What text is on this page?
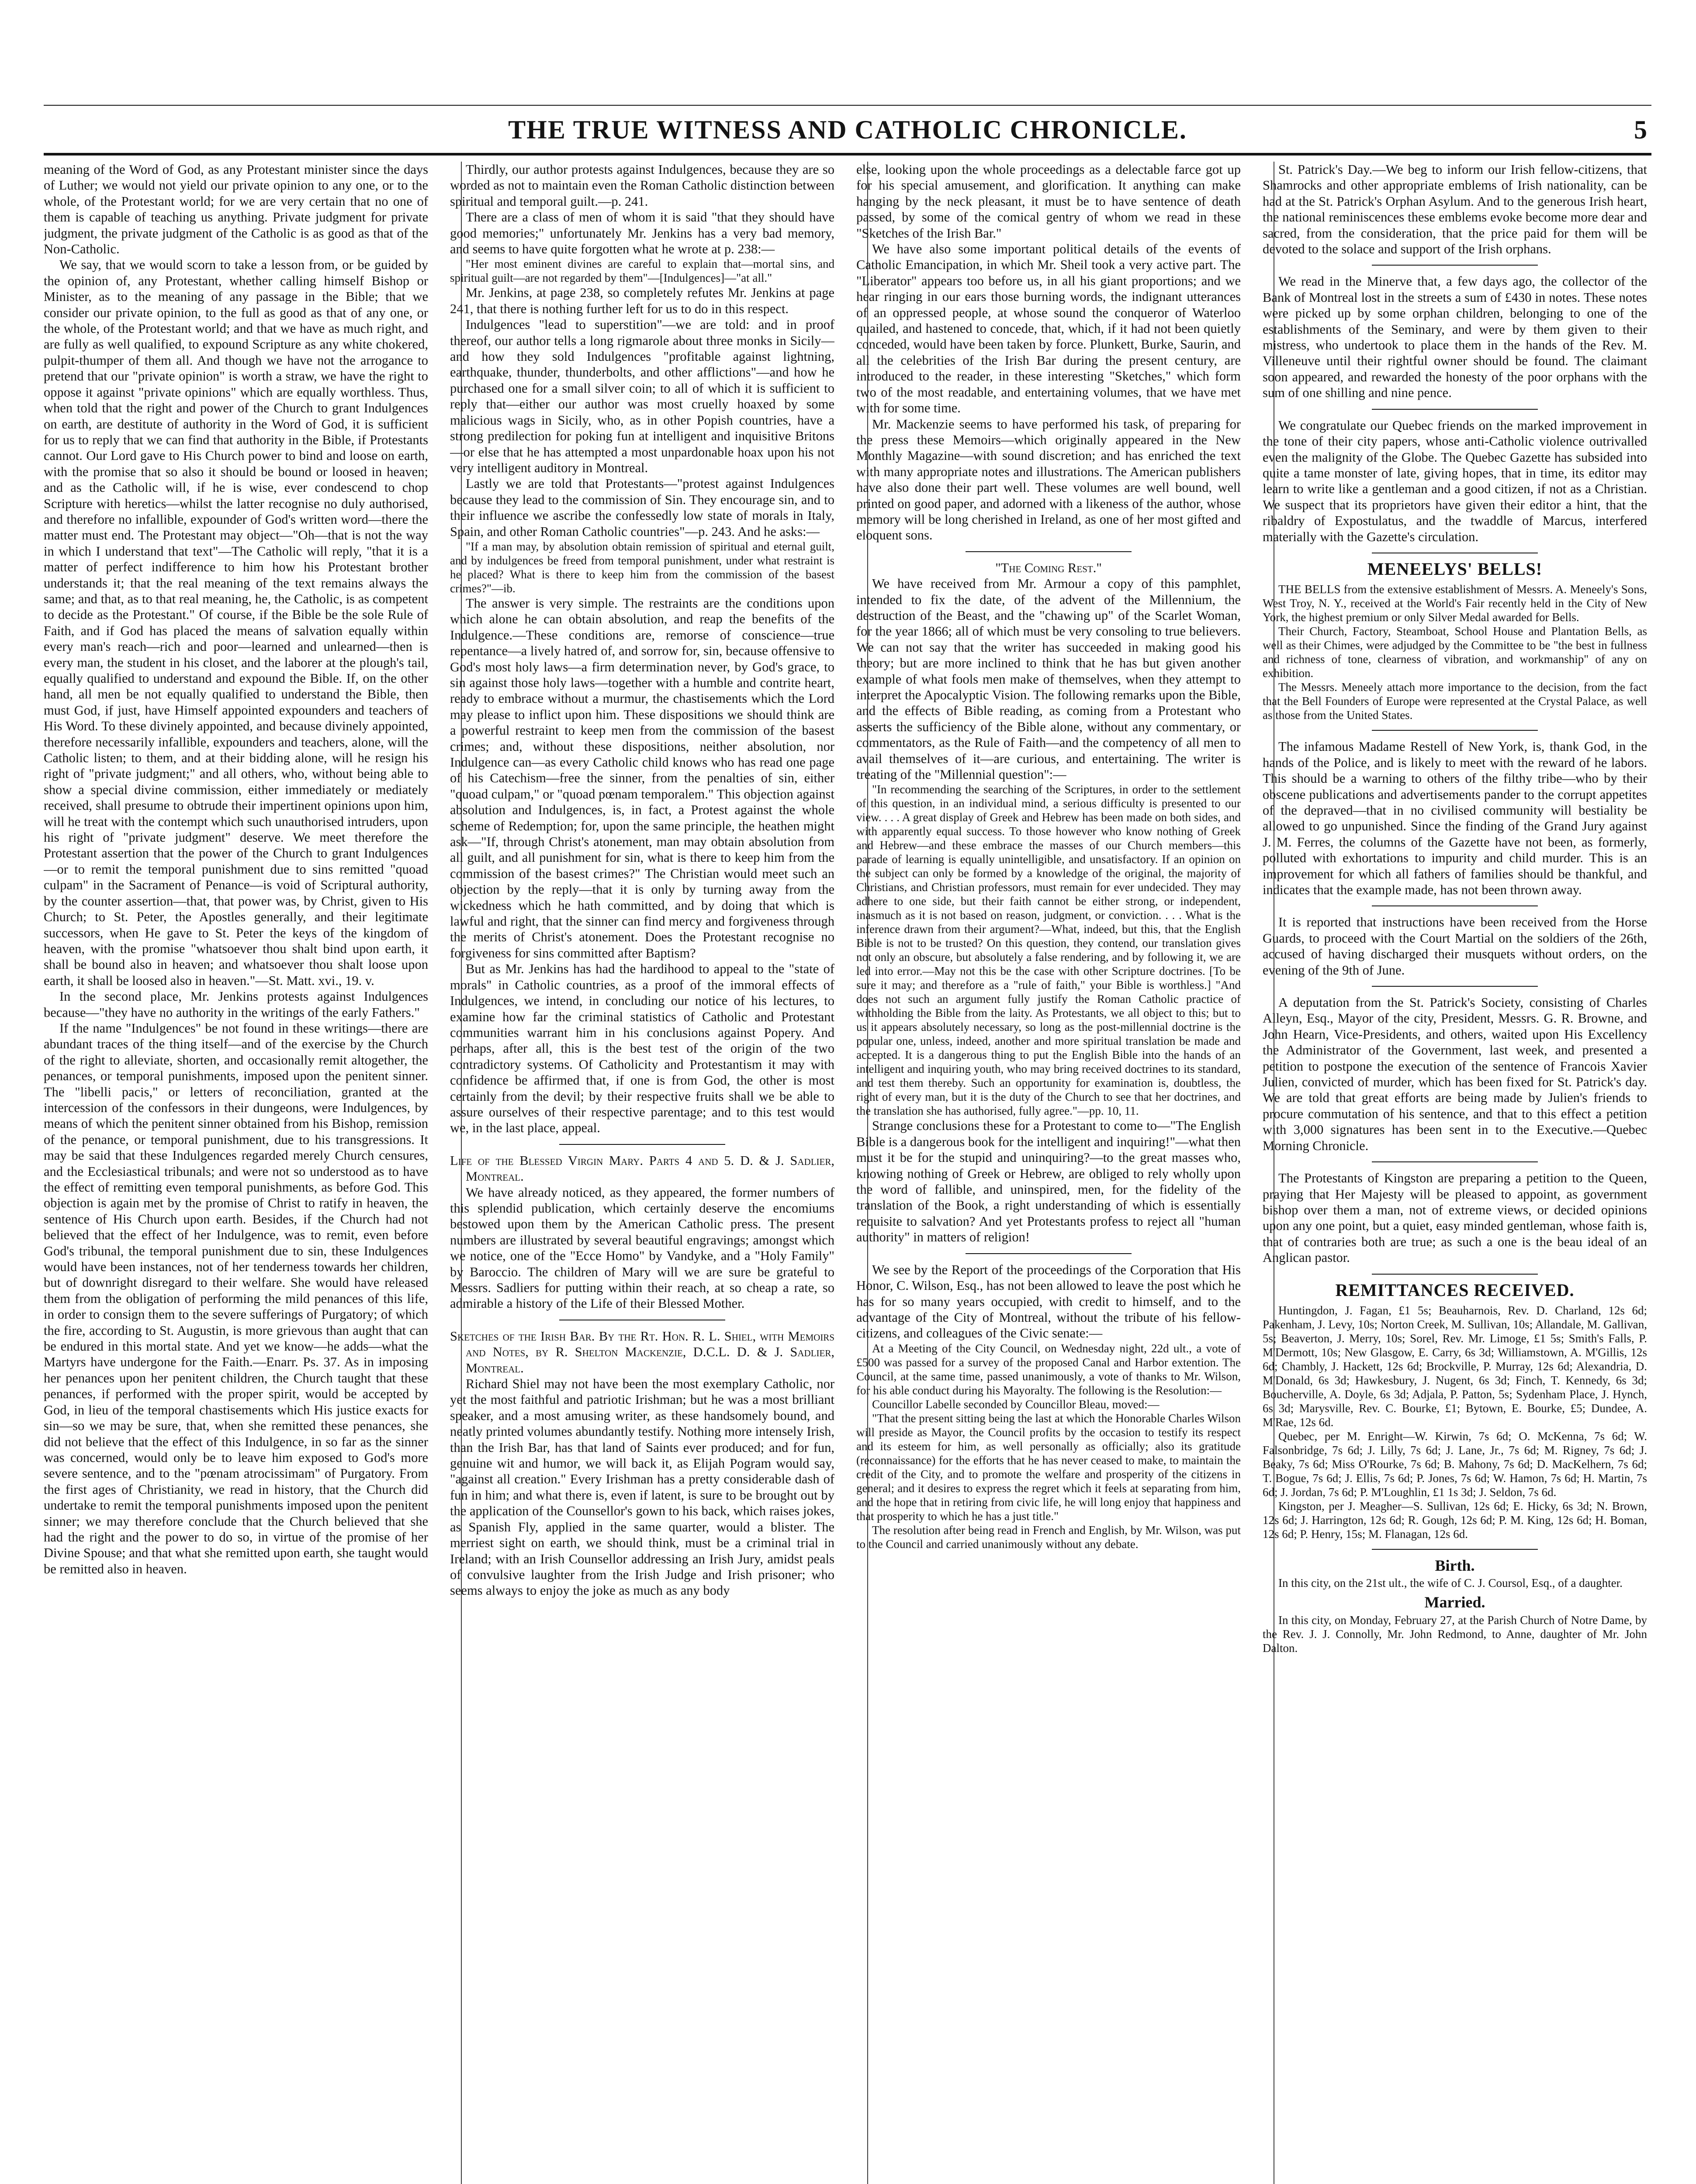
THE TRUE WITNESS AND CATHOLIC CHRONICLE.	5

meaning of the Word of God, as any Protestant minister since the days of Luther; we would not yield our private opinion to any one, or to the whole, of the Protestant world; for we are very certain that no one of them is capable of teaching us anything. Private judgment for private judgment, the private judgment of the Catholic is as good as that of the Non-Catholic.

We say, that we would scorn to take a lesson from, or be guided by the opinion of, any Protestant, whether calling himself Bishop or Minister, as to the meaning of any passage in the Bible; that we consider our private opinion, to the full as good as that of any one, or the whole, of the Protestant world; and that we have as much right, and are fully as well qualified, to expound Scripture as any white chokered, pulpit-thumper of them all. And though we have not the arrogance to pretend that our "private opinion" is worth a straw, we have the right to oppose it against "private opinions" which are equally worthless. Thus, when told that the right and power of the Church to grant Indulgences on earth, are destitute of authority in the Word of God, it is sufficient for us to reply that we can find that authority in the Bible, if Protestants cannot. Our Lord gave to His Church power to bind and loose on earth, with the promise that so also it should be bound or loosed in heaven; and as the Catholic will, if he is wise, ever condescend to chop Scripture with heretics—whilst the latter recognise no duly authorised, and therefore no infallible, expounder of God's written word—there the matter must end. The Protestant may object—"Oh—that is not the way in which I understand that text"—The Catholic will reply, "that it is a matter of perfect indifference to him how his Protestant brother understands it; that the real meaning of the text remains always the same; and that, as to that real meaning, he, the Catholic, is as competent to decide as the Protestant." Of course, if the Bible be the sole Rule of Faith, and if God has placed the means of salvation equally within every man's reach—rich and poor—learned and unlearned—then is every man, the student in his closet, and the laborer at the plough's tail, equally qualified to understand and expound the Bible. If, on the other hand, all men be not equally qualified to understand the Bible, then must God, if just, have Himself appointed expounders and teachers of His Word. To these divinely appointed, and because divinely appointed, therefore necessarily infallible, expounders and teachers, alone, will the Catholic listen; to them, and at their bidding alone, will he resign his right of "private judgment;" and all others, who, without being able to show a special divine commission, either immediately or mediately received, shall presume to obtrude their impertinent opinions upon him, will he treat with the contempt which such unauthorised intruders, upon his right of "private judgment" deserve. We meet therefore the Protestant assertion that the power of the Church to grant Indulgences—or to remit the temporal punishment due to sins remitted "quoad culpam" in the Sacrament of Penance—is void of Scriptural authority, by the counter assertion—that, that power was, by Christ, given to His Church; to St. Peter, the Apostles generally, and their legitimate successors, when He gave to St. Peter the keys of the kingdom of heaven, with the promise "whatsoever thou shalt bind upon earth, it shall be bound also in heaven; and whatsoever thou shalt loose upon earth, it shall be loosed also in heaven."—St. Matt. xvi., 19. v.

In the second place, Mr. Jenkins protests against Indulgences because—"they have no authority in the writings of the early Fathers."

If the name "Indulgences" be not found in these writings—there are abundant traces of the thing itself—and of the exercise by the Church of the right to alleviate, shorten, and occasionally remit altogether, the penances, or temporal punishments, imposed upon the penitent sinner. The "libelli pacis," or letters of reconciliation, granted at the intercession of the confessors in their dungeons, were Indulgences, by means of which the penitent sinner obtained from his Bishop, remission of the penance, or temporal punishment, due to his transgressions. It may be said that these Indulgences regarded merely Church censures, and the Ecclesiastical tribunals; and were not so understood as to have the effect of remitting even temporal punishments, as before God. This objection is again met by the promise of Christ to ratify in heaven, the sentence of His Church upon earth. Besides, if the Church had not believed that the effect of her Indulgence, was to remit, even before God's tribunal, the temporal punishment due to sin, these Indulgences would have been instances, not of her tenderness towards her children, but of downright disregard to their welfare. She would have released them from the obligation of performing the mild penances of this life, in order to consign them to the severe sufferings of Purgatory; of which the fire, according to St. Augustin, is more grievous than aught that can be endured in this mortal state. And yet we know—he adds—what the Martyrs have undergone for the Faith.—Enarr. Ps. 37. As in imposing her penances upon her penitent children, the Church taught that these penances, if performed with the proper spirit, would be accepted by God, in lieu of the temporal chastisements which His justice exacts for sin—so we may be sure, that, when she remitted these penances, she did not believe that the effect of this Indulgence, in so far as the sinner was concerned, would only be to leave him exposed to God's more severe sentence, and to the "pœnam atrocissimam" of Purgatory. From the first ages of Christianity, we read in history, that the Church did undertake to remit the temporal punishments imposed upon the penitent sinner; we may therefore conclude that the Church believed that she had the right and the power to do so, in virtue of the promise of her Divine Spouse; and that what she remitted upon earth, she taught would be remitted also in heaven.

Thirdly, our author protests against Indulgences, because they are so worded as not to maintain even the Roman Catholic distinction between spiritual and temporal guilt.—p. 241.

There are a class of men of whom it is said "that they should have good memories;" unfortunately Mr. Jenkins has a very bad memory, and seems to have quite forgotten what he wrote at p. 238:—

"Her most eminent divines are careful to explain that—mortal sins, and spiritual guilt—are not regarded by them"—[Indulgences]—"at all."

Mr. Jenkins, at page 238, so completely refutes Mr. Jenkins at page 241, that there is nothing further left for us to do in this respect.

Indulgences "lead to superstition"—we are told: and in proof thereof, our author tells a long rigmarole about three monks in Sicily—and how they sold Indulgences "profitable against lightning, earthquake, thunder, thunderbolts, and other afflictions"—and how he purchased one for a small silver coin; to all of which it is sufficient to reply that—either our author was most cruelly hoaxed by some malicious wags in Sicily, who, as in other Popish countries, have a strong predilection for poking fun at intelligent and inquisitive Britons—or else that he has attempted a most unpardonable hoax upon his not very intelligent auditory in Montreal.

Lastly we are told that Protestants—"protest against Indulgences because they lead to the commission of Sin. They encourage sin, and to their influence we ascribe the confessedly low state of morals in Italy, Spain, and other Roman Catholic countries"—p. 243. And he asks:—

"If a man may, by absolution obtain remission of spiritual and eternal guilt, and by indulgences be freed from temporal punishment, under what restraint is he placed? What is there to keep him from the commission of the basest crimes?"—ib.

The answer is very simple. The restraints are the conditions upon which alone he can obtain absolution, and reap the benefits of the Indulgence.—These conditions are, remorse of conscience—true repentance—a lively hatred of, and sorrow for, sin, because offensive to God's most holy laws—a firm determination never, by God's grace, to sin against those holy laws—together with a humble and contrite heart, ready to embrace without a murmur, the chastisements which the Lord may please to inflict upon him. These dispositions we should think are a powerful restraint to keep men from the commission of the basest crimes; and, without these dispositions, neither absolution, nor Indulgence can—as every Catholic child knows who has read one page of his Catechism—free the sinner, from the penalties of sin, either "quoad culpam," or "quoad pœnam temporalem." This objection against absolution and Indulgences, is, in fact, a Protest against the whole scheme of Redemption; for, upon the same principle, the heathen might ask—"If, through Christ's atonement, man may obtain absolution from all guilt, and all punishment for sin, what is there to keep him from the commission of the basest crimes?" The Christian would meet such an objection by the reply—that it is only by turning away from the wickedness which he hath committed, and by doing that which is lawful and right, that the sinner can find mercy and forgiveness through the merits of Christ's atonement. Does the Protestant recognise no forgiveness for sins committed after Baptism?

But as Mr. Jenkins has had the hardihood to appeal to the "state of morals" in Catholic countries, as a proof of the immoral effects of Indulgences, we intend, in concluding our notice of his lectures, to examine how far the criminal statistics of Catholic and Protestant communities warrant him in his conclusions against Popery. And perhaps, after all, this is the best test of the origin of the two contradictory systems. Of Catholicity and Protestantism it may with confidence be affirmed that, if one is from God, the other is most certainly from the devil; by their respective fruits shall we be able to assure ourselves of their respective parentage; and to this test would we, in the last place, appeal.

Life of the Blessed Virgin Mary. Parts 4 and 5. D. & J. Sadlier, Montreal.

We have already noticed, as they appeared, the former numbers of this splendid publication, which certainly deserve the encomiums bestowed upon them by the American Catholic press. The present numbers are illustrated by several beautiful engravings; amongst which we notice, one of the "Ecce Homo" by Vandyke, and a "Holy Family" by Baroccio. The children of Mary will we are sure be grateful to Messrs. Sadliers for putting within their reach, at so cheap a rate, so admirable a history of the Life of their Blessed Mother.

Sketches of the Irish Bar. By the Rt. Hon. R. L. Shiel, with Memoirs and Notes, by R. Shelton Mackenzie, D.C.L. D. & J. Sadlier, Montreal.

Richard Shiel may not have been the most exemplary Catholic, nor yet the most faithful and patriotic Irishman; but he was a most brilliant speaker, and a most amusing writer, as these handsomely bound, and neatly printed volumes abundantly testify. Nothing more intensely Irish, than the Irish Bar, has that land of Saints ever produced; and for fun, genuine wit and humor, we will back it, as Elijah Pogram would say, "against all creation." Every Irishman has a pretty considerable dash of fun in him; and what there is, even if latent, is sure to be brought out by the application of the Counsellor's gown to his back, which raises jokes, as Spanish Fly, applied in the same quarter, would a blister. The merriest sight on earth, we should think, must be a criminal trial in Ireland; with an Irish Counsellor addressing an Irish Jury, amidst peals of convulsive laughter from the Irish Judge and Irish prisoner; who seems always to enjoy the joke as much as any body

else, looking upon the whole proceedings as a delectable farce got up for his special amusement, and glorification. It anything can make hanging by the neck pleasant, it must be to have sentence of death passed, by some of the comical gentry of whom we read in these "Sketches of the Irish Bar."

We have also some important political details of the events of Catholic Emancipation, in which Mr. Sheil took a very active part. The "Liberator" appears too before us, in all his giant proportions; and we hear ringing in our ears those burning words, the indignant utterances of an oppressed people, at whose sound the conqueror of Waterloo quailed, and hastened to concede, that, which, if it had not been quietly conceded, would have been taken by force. Plunkett, Burke, Saurin, and all the celebrities of the Irish Bar during the present century, are introduced to the reader, in these interesting "Sketches," which form two of the most readable, and entertaining volumes, that we have met with for some time.

Mr. Mackenzie seems to have performed his task, of preparing for the press these Memoirs—which originally appeared in the New Monthly Magazine—with sound discretion; and has enriched the text with many appropriate notes and illustrations. The American publishers have also done their part well. These volumes are well bound, well printed on good paper, and adorned with a likeness of the author, whose memory will be long cherished in Ireland, as one of her most gifted and eloquent sons.

"The Coming Rest."

We have received from Mr. Armour a copy of this pamphlet, intended to fix the date, of the advent of the Millennium, the destruction of the Beast, and the "chawing up" of the Scarlet Woman, for the year 1866; all of which must be very consoling to true believers. We can not say that the writer has succeeded in making good his theory; but are more inclined to think that he has but given another example of what fools men make of themselves, when they attempt to interpret the Apocalyptic Vision. The following remarks upon the Bible, and the effects of Bible reading, as coming from a Protestant who asserts the sufficiency of the Bible alone, without any commentary, or commentators, as the Rule of Faith—and the competency of all men to avail themselves of it—are curious, and entertaining. The writer is treating of the "Millennial question":—

"In recommending the searching of the Scriptures, in order to the settlement of this question, in an individual mind, a serious difficulty is presented to our view. . . . A great display of Greek and Hebrew has been made on both sides, and with apparently equal success. To those however who know nothing of Greek and Hebrew—and these embrace the masses of our Church members—this parade of learning is equally unintelligible, and unsatisfactory. If an opinion on the subject can only be formed by a knowledge of the original, the majority of Christians, and Christian professors, must remain for ever undecided. They may adhere to one side, but their faith cannot be either strong, or independent, inasmuch as it is not based on reason, judgment, or conviction. . . . What is the inference drawn from their argument?—What, indeed, but this, that the English Bible is not to be trusted? On this question, they contend, our translation gives not only an obscure, but absolutely a false rendering, and by following it, we are led into error.—May not this be the case with other Scripture doctrines. [To be sure it may; and therefore as a "rule of faith," your Bible is worthless.] "And does not such an argument fully justify the Roman Catholic practice of withholding the Bible from the laity. As Protestants, we all object to this; but to us it appears absolutely necessary, so long as the post-millennial doctrine is the popular one, unless, indeed, another and more spiritual translation be made and accepted. It is a dangerous thing to put the English Bible into the hands of an intelligent and inquiring youth, who may bring received doctrines to its standard, and test them thereby. Such an opportunity for examination is, doubtless, the right of every man, but it is the duty of the Church to see that her doctrines, and the translation she has authorised, fully agree."—pp. 10, 11.

Strange conclusions these for a Protestant to come to—"The English Bible is a dangerous book for the intelligent and inquiring!"—what then must it be for the stupid and uninquiring?—to the great masses who, knowing nothing of Greek or Hebrew, are obliged to rely wholly upon the word of fallible, and uninspired, men, for the fidelity of the translation of the Book, a right understanding of which is essentially requisite to salvation? And yet Protestants profess to reject all "human authority" in matters of religion!

We see by the Report of the proceedings of the Corporation that His Honor, C. Wilson, Esq., has not been allowed to leave the post which he has for so many years occupied, with credit to himself, and to the advantage of the City of Montreal, without the tribute of his fellow-citizens, and colleagues of the Civic senate:—

At a Meeting of the City Council, on Wednesday night, 22d ult., a vote of £500 was passed for a survey of the proposed Canal and Harbor extention. The Council, at the same time, passed unanimously, a vote of thanks to Mr. Wilson, for his able conduct during his Mayoralty. The following is the Resolution:—

Councillor Labelle seconded by Councillor Bleau, moved:—

"That the present sitting being the last at which the Honorable Charles Wilson will preside as Mayor, the Council profits by the occasion to testify its respect and its esteem for him, as well personally as officially; also its gratitude (reconnaissance) for the efforts that he has never ceased to make, to maintain the credit of the City, and to promote the welfare and prosperity of the citizens in general; and it desires to express the regret which it feels at separating from him, and the hope that in retiring from civic life, he will long enjoy that happiness and that prosperity to which he has a just title."

The resolution after being read in French and English, by Mr. Wilson, was put to the Council and carried unanimously without any debate.

St. Patrick's Day.—We beg to inform our Irish fellow-citizens, that Shamrocks and other appropriate emblems of Irish nationality, can be had at the St. Patrick's Orphan Asylum. And to the generous Irish heart, the national reminiscences these emblems evoke become more dear and sacred, from the consideration, that the price paid for them will be devoted to the solace and support of the Irish orphans.

We read in the Minerve that, a few days ago, the collector of the Bank of Montreal lost in the streets a sum of £430 in notes. These notes were picked up by some orphan children, belonging to one of the establishments of the Seminary, and were by them given to their mistress, who undertook to place them in the hands of the Rev. M. Villeneuve until their rightful owner should be found. The claimant soon appeared, and rewarded the honesty of the poor orphans with the sum of one shilling and nine pence.

We congratulate our Quebec friends on the marked improvement in the tone of their city papers, whose anti-Catholic violence outrivalled even the malignity of the Globe. The Quebec Gazette has subsided into quite a tame monster of late, giving hopes, that in time, its editor may learn to write like a gentleman and a good citizen, if not as a Christian. We suspect that its proprietors have given their editor a hint, that the ribaldry of Expostulatus, and the twaddle of Marcus, interfered materially with the Gazette's circulation.

MENEELYS' BELLS!

THE BELLS from the extensive establishment of Messrs. A. Meneely's Sons, West Troy, N. Y., received at the World's Fair recently held in the City of New York, the highest premium or only Silver Medal awarded for Bells.

Their Church, Factory, Steamboat, School House and Plantation Bells, as well as their Chimes, were adjudged by the Committee to be "the best in fullness and richness of tone, clearness of vibration, and workmanship" of any on exhibition.

The Messrs. Meneely attach more importance to the decision, from the fact that the Bell Founders of Europe were represented at the Crystal Palace, as well as those from the United States.

The infamous Madame Restell of New York, is, thank God, in the hands of the Police, and is likely to meet with the reward of he labors. This should be a warning to others of the filthy tribe—who by their obscene publications and advertisements pander to the corrupt appetites of the depraved—that in no civilised community will bestiality be allowed to go unpunished. Since the finding of the Grand Jury against J. M. Ferres, the columns of the Gazette have not been, as formerly, polluted with exhortations to impurity and child murder. This is an improvement for which all fathers of families should be thankful, and indicates that the example made, has not been thrown away.

It is reported that instructions have been received from the Horse Guards, to proceed with the Court Martial on the soldiers of the 26th, accused of having discharged their musquets without orders, on the evening of the 9th of June.

A deputation from the St. Patrick's Society, consisting of Charles Alleyn, Esq., Mayor of the city, President, Messrs. G. R. Browne, and John Hearn, Vice-Presidents, and others, waited upon His Excellency the Administrator of the Government, last week, and presented a petition to postpone the execution of the sentence of Francois Xavier Julien, convicted of murder, which has been fixed for St. Patrick's day. We are told that great efforts are being made by Julien's friends to procure commutation of his sentence, and that to this effect a petition with 3,000 signatures has been sent in to the Executive.—Quebec Morning Chronicle.

The Protestants of Kingston are preparing a petition to the Queen, praying that Her Majesty will be pleased to appoint, as government bishop over them a man, not of extreme views, or decided opinions upon any one point, but a quiet, easy minded gentleman, whose faith is, that of contraries both are true; as such a one is the beau ideal of an Anglican pastor.

REMITTANCES RECEIVED.

Huntingdon, J. Fagan, £1 5s; Beauharnois, Rev. D. Charland, 12s 6d; Pakenham, J. Levy, 10s; Norton Creek, M. Sullivan, 10s; Allandale, M. Gallivan, 5s; Beaverton, J. Merry, 10s; Sorel, Rev. Mr. Limoge, £1 5s; Smith's Falls, P. M'Dermott, 10s; New Glasgow, E. Carry, 6s 3d; Williamstown, A. M'Gillis, 12s 6d; Chambly, J. Hackett, 12s 6d; Brockville, P. Murray, 12s 6d; Alexandria, D. M'Donald, 6s 3d; Hawkesbury, J. Nugent, 6s 3d; Finch, T. Kennedy, 6s 3d; Boucherville, A. Doyle, 6s 3d; Adjala, P. Patton, 5s; Sydenham Place, J. Hynch, 6s 3d; Marysville, Rev. C. Bourke, £1; Bytown, E. Bourke, £5; Dundee, A. M'Rae, 12s 6d.

Quebec, per M. Enright—W. Kirwin, 7s 6d; O. McKenna, 7s 6d; W. Falsonbridge, 7s 6d; J. Lilly, 7s 6d; J. Lane, Jr., 7s 6d; M. Rigney, 7s 6d; J. Beaky, 7s 6d; Miss O'Rourke, 7s 6d; B. Mahony, 7s 6d; D. MacKelhern, 7s 6d; T. Bogue, 7s 6d; J. Ellis, 7s 6d; P. Jones, 7s 6d; W. Hamon, 7s 6d; H. Martin, 7s 6d; J. Jordan, 7s 6d; P. M'Loughlin, £1 1s 3d; J. Seldon, 7s 6d.

Kingston, per J. Meagher—S. Sullivan, 12s 6d; E. Hicky, 6s 3d; N. Brown, 12s 6d; J. Harrington, 12s 6d; R. Gough, 12s 6d; P. M. King, 12s 6d; H. Boman, 12s 6d; P. Henry, 15s; M. Flanagan, 12s 6d.

Birth.

In this city, on the 21st ult., the wife of C. J. Coursol, Esq., of a daughter.

Married.

In this city, on Monday, February 27, at the Parish Church of Notre Dame, by the Rev. J. J. Connolly, Mr. John Redmond, to Anne, daughter of Mr. John Dalton.
